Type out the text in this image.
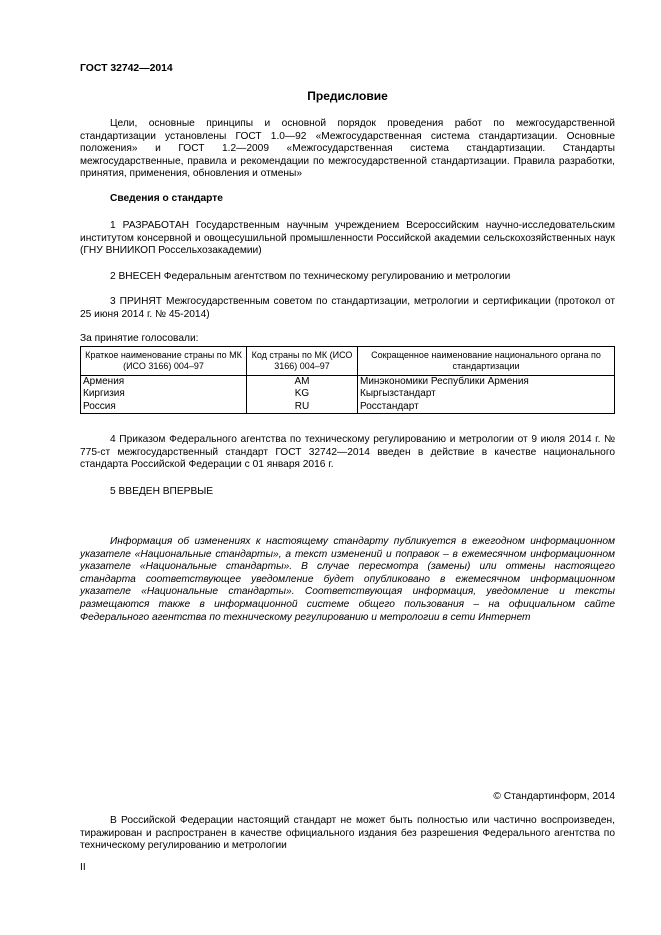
ГОСТ 32742—2014
Предисловие
Цели, основные принципы и основной порядок проведения работ по межгосударственной стандартизации установлены ГОСТ 1.0—92 «Межгосударственная система стандартизации. Основные положения» и ГОСТ 1.2—2009 «Межгосударственная система стандартизации. Стандарты межгосударственные, правила и рекомендации по межгосударственной стандартизации. Правила разработки, принятия, применения, обновления и отмены»
Сведения о стандарте
1 РАЗРАБОТАН Государственным научным учреждением Всероссийским научно-исследовательским институтом консервной и овощесушильной промышленности Российской академии сельскохозяйственных наук (ГНУ ВНИИКОП Россельхозакадемии)
2 ВНЕСЕН Федеральным агентством по техническому регулированию и метрологии
3 ПРИНЯТ Межгосударственным советом по стандартизации, метрологии и сертификации (протокол от 25 июня 2014 г. № 45-2014)
За принятие голосовали:
Краткое наименование страны по МК (ИСО 3166) 004–97	Код страны по МК (ИСО 3166) 004–97	Сокращенное наименование национального органа по стандартизации
Армения	AM	Минэкономики Республики Армения
Киргизия	KG	Кыргызстандарт
Россия	RU	Росстандарт
4 Приказом Федерального агентства по техническому регулированию и метрологии от 9 июля 2014 г. № 775-ст межгосударственный стандарт ГОСТ 32742—2014 введен в действие в качестве национального стандарта Российской Федерации с 01 января 2016 г.
5 ВВЕДЕН ВПЕРВЫЕ
Информация об изменениях к настоящему стандарту публикуется в ежегодном информационном указателе «Национальные стандарты», а текст изменений и поправок – в ежемесячном информационном указателе «Национальные стандарты». В случае пересмотра (замены) или отмены настоящего стандарта соответствующее уведомление будет опубликовано в ежемесячном информационном указателе «Национальные стандарты». Соответствующая информация, уведомление и тексты размещаются также в информационной системе общего пользования – на официальном сайте Федерального агентства по техническому регулированию и метрологии в сети Интернет
© Стандартинформ, 2014
В Российской Федерации настоящий стандарт не может быть полностью или частично воспроизведен, тиражирован и распространен в качестве официального издания без разрешения Федерального агентства по техническому регулированию и метрологии
II
